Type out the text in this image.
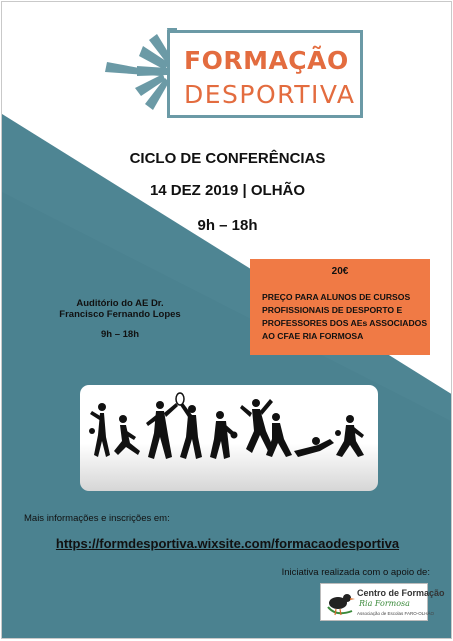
FORMAÇÃO
DESPORTIVA
CICLO DE CONFERÊNCIAS
14 DEZ 2019 | OLHÃO
9h – 18h
Auditório do AE Dr.
Francisco Fernando Lopes
9h – 18h
20€
PREÇO PARA ALUNOS DE CURSOS
PROFISSIONAIS DE DESPORTO E
PROFESSORES DOS AEs ASSOCIADOS
AO CFAE RIA FORMOSA
Mais informações e inscrições em:
https://formdesportiva.wixsite.com/formacaodesportiva
Iniciativa realizada com o apoio de:
Centro de Formação
Ria Formosa
Associação de Escolas FARO-OLHÃO
